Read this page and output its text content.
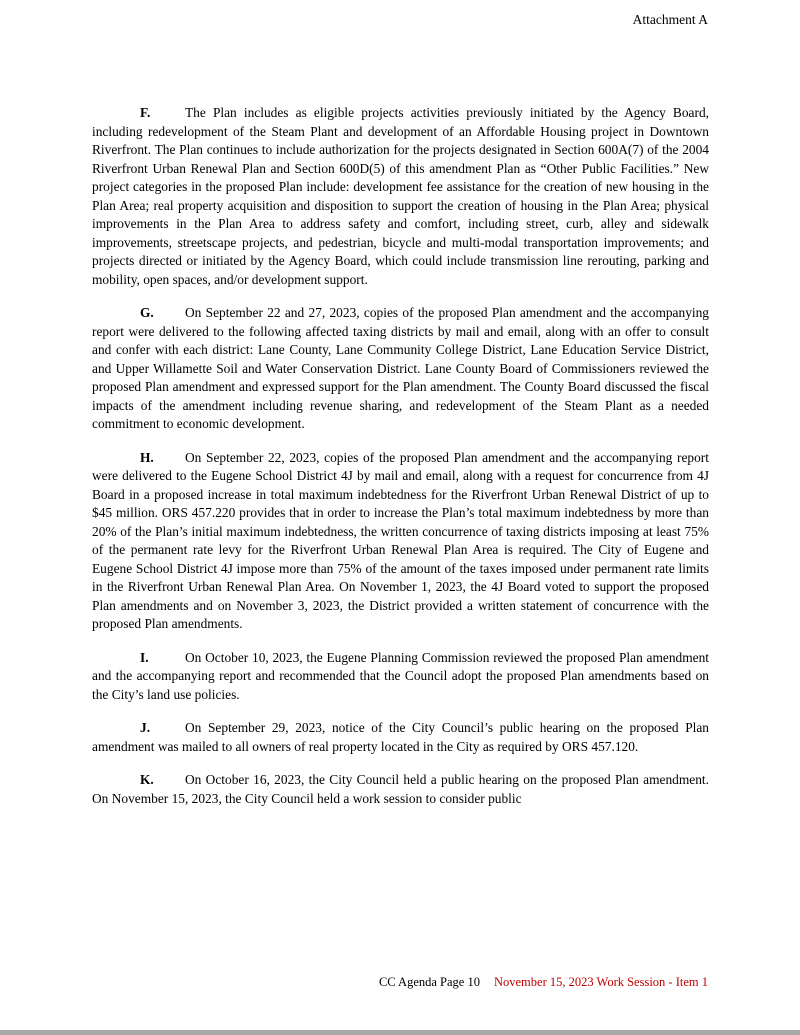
Attachment A

F.	The Plan includes as eligible projects activities previously initiated by the Agency Board, including redevelopment of the Steam Plant and development of an Affordable Housing project in Downtown Riverfront. The Plan continues to include authorization for the projects designated in Section 600A(7) of the 2004 Riverfront Urban Renewal Plan and Section 600D(5) of this amendment Plan as “Other Public Facilities.” New project categories in the proposed Plan include: development fee assistance for the creation of new housing in the Plan Area; real property acquisition and disposition to support the creation of housing in the Plan Area; physical improvements in the Plan Area to address safety and comfort, including street, curb, alley and sidewalk improvements, streetscape projects, and pedestrian, bicycle and multi-modal transportation improvements; and projects directed or initiated by the Agency Board, which could include transmission line rerouting, parking and mobility, open spaces, and/or development support.

G. On September 22 and 27, 2023, copies of the proposed Plan amendment and the accompanying report were delivered to the following affected taxing districts by mail and email, along with an offer to consult and confer with each district: Lane County, Lane Community College District, Lane Education Service District, and Upper Willamette Soil and Water Conservation District. Lane County Board of Commissioners reviewed the proposed Plan amendment and expressed support for the Plan amendment. The County Board discussed the fiscal impacts of the amendment including revenue sharing, and redevelopment of the Steam Plant as a needed commitment to economic development.

H. On September 22, 2023, copies of the proposed Plan amendment and the accompanying report were delivered to the Eugene School District 4J by mail and email, along with a request for concurrence from 4J Board in a proposed increase in total maximum indebtedness for the Riverfront Urban Renewal District of up to $45 million. ORS 457.220 provides that in order to increase the Plan’s total maximum indebtedness by more than 20% of the Plan’s initial maximum indebtedness, the written concurrence of taxing districts imposing at least 75% of the permanent rate levy for the Riverfront Urban Renewal Plan Area is required. The City of Eugene and Eugene School District 4J impose more than 75% of the amount of the taxes imposed under permanent rate limits in the Riverfront Urban Renewal Plan Area. On November 1, 2023, the 4J Board voted to support the proposed Plan amendments and on November 3, 2023, the District provided a written statement of concurrence with the proposed Plan amendments.

I.	On October 10, 2023, the Eugene Planning Commission reviewed the proposed Plan amendment and the accompanying report and recommended that the Council adopt the proposed Plan amendments based on the City’s land use policies.

J.	On September 29, 2023, notice of the City Council’s public hearing on the proposed Plan amendment was mailed to all owners of real property located in the City as required by ORS 457.120.

K. On October 16, 2023, the City Council held a public hearing on the proposed Plan amendment. On November 15, 2023, the City Council held a work session to consider public

CC Agenda Page 10 November 15, 2023 Work Session - Item 1
